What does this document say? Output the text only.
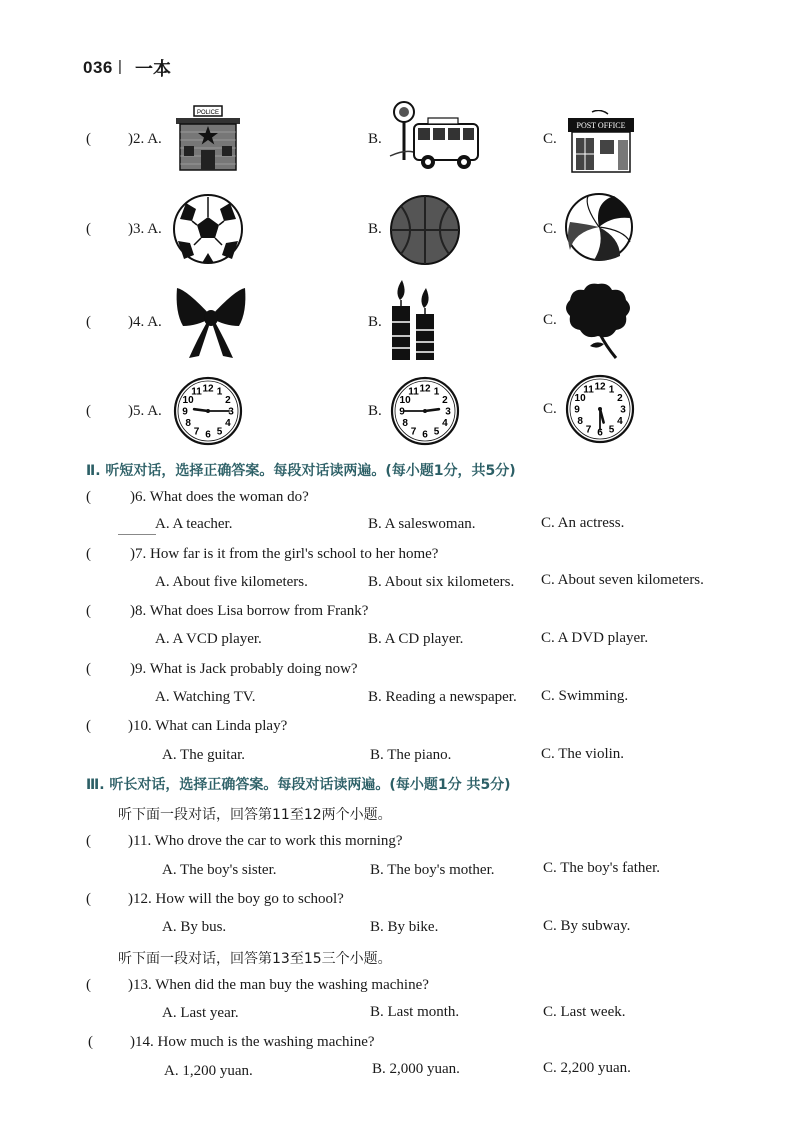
036 | 一本
( )2. A.
POLICE
B.	C.
POST OFFICE
( )3. A.	B.	C.
( )4. A.	B.	C.
( )5. A.
12 1
2
3
4
5
6
7
8
9
10
11
B.
12 1
2
3
4
5
6
7
8
9
10
11
C.
12 1
2
3
4
5
6
7
8
9
10
11
Ⅱ. 听短对话，选择正确答案。每段对话读两遍。(每小题1分，共5分)
(	)6. What does the woman do?
A. A teacher.	B. A saleswoman.	C. An actress.
(	)7. How far is it from the girl's school to her home?
A. About five kilometers.	B. About six kilometers. C. About seven kilometers.
(	)8. What does Lisa borrow from Frank?
A. A VCD player.	B. A CD player.	C. A DVD player.
(	)9. What is Jack probably doing now?
A. Watching TV.	B. Reading a newspaper. C. Swimming.
( )10. What can Linda play?
A. The guitar.	B. The piano.	C. The violin.
Ⅲ. 听长对话，选择正确答案。每段对话读两遍。(每小题1分 共5分)
听下面一段对话，回答第11至12两个小题。
( )11. Who drove the car to work this morning?
A. The boy's sister.	B. The boy's mother.	C. The boy's father.
( )12. How will the boy go to school?
A. By bus.	B. By bike.	C. By subway.
听下面一段对话，回答第13至15三个小题。
( )13. When did the man buy the washing machine?
A. Last year.	B. Last month.	C. Last week.
( )14. How much is the washing machine?
A. 1,200 yuan.	B. 2,000 yuan.	C. 2,200 yuan.
